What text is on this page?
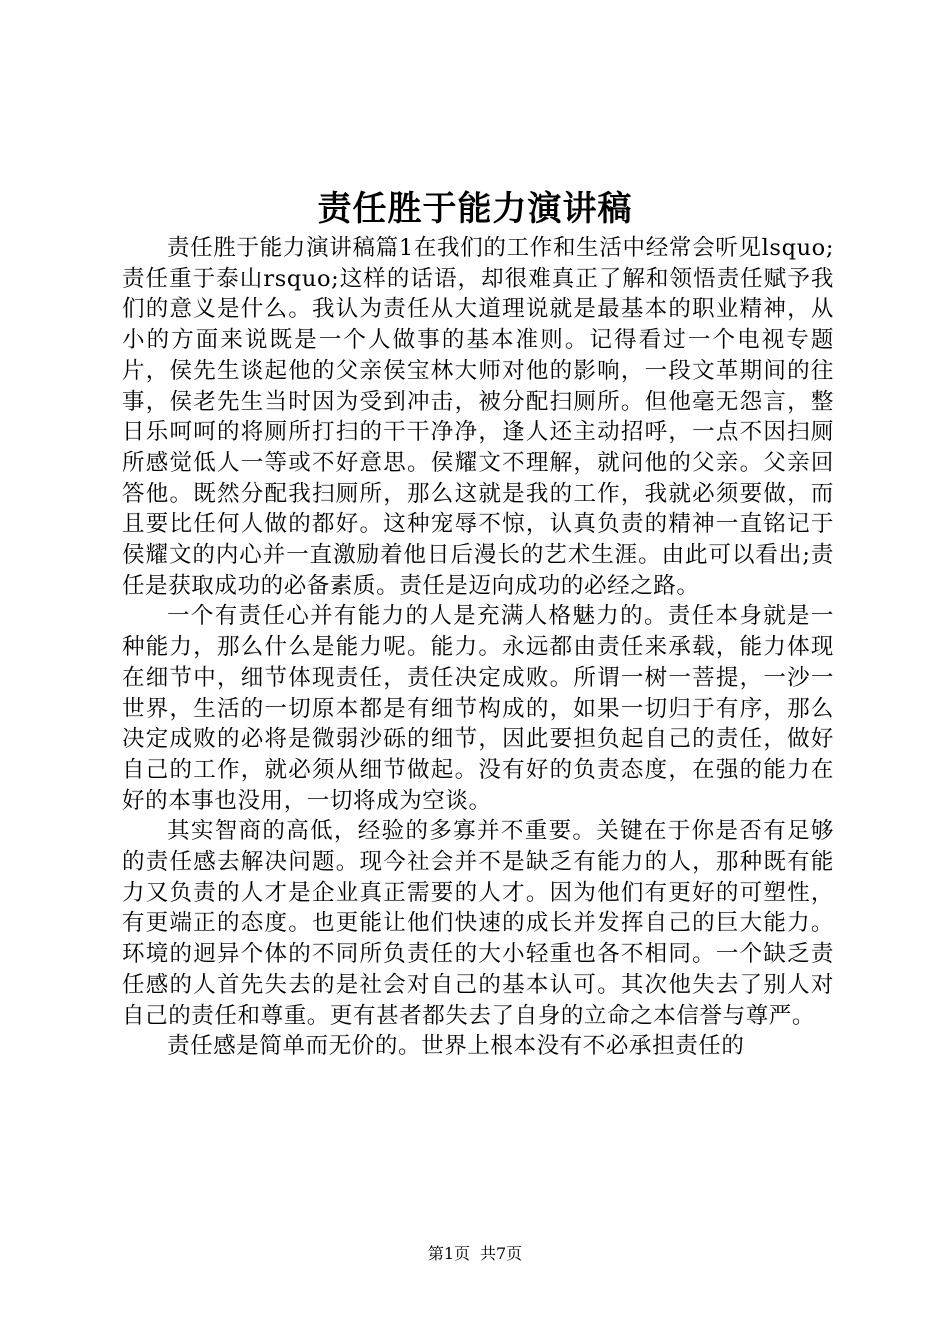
责任胜于能力演讲稿

责任胜于能力演讲稿篇1在我们的工作和生活中经常会听见lsquo;责任重于泰山rsquo;这样的话语，却很难真正了解和领悟责任赋予我们的意义是什么。我认为责任从大道理说就是最基本的职业精神，从小的方面来说既是一个人做事的基本准则。记得看过一个电视专题片，侯先生谈起他的父亲侯宝林大师对他的影响，一段文革期间的往事，侯老先生当时因为受到冲击，被分配扫厕所。但他毫无怨言，整日乐呵呵的将厕所打扫的干干净净，逢人还主动招呼，一点不因扫厕所感觉低人一等或不好意思。侯耀文不理解，就问他的父亲。父亲回答他。既然分配我扫厕所，那么这就是我的工作，我就必须要做，而且要比任何人做的都好。这种宠辱不惊，认真负责的精神一直铭记于侯耀文的内心并一直激励着他日后漫长的艺术生涯。由此可以看出;责任是获取成功的必备素质。责任是迈向成功的必经之路。

一个有责任心并有能力的人是充满人格魅力的。责任本身就是一种能力，那么什么是能力呢。能力。永远都由责任来承载，能力体现在细节中，细节体现责任，责任决定成败。所谓一树一菩提，一沙一世界，生活的一切原本都是有细节构成的，如果一切归于有序，那么决定成败的必将是微弱沙砾的细节，因此要担负起自己的责任，做好自己的工作，就必须从细节做起。没有好的负责态度，在强的能力在好的本事也没用，一切将成为空谈。

其实智商的高低，经验的多寡并不重要。关键在于你是否有足够的责任感去解决问题。现今社会并不是缺乏有能力的人，那种既有能力又负责的人才是企业真正需要的人才。因为他们有更好的可塑性，有更端正的态度。也更能让他们快速的成长并发挥自己的巨大能力。环境的迥异个体的不同所负责任的大小轻重也各不相同。一个缺乏责任感的人首先失去的是社会对自己的基本认可。其次他失去了别人对自己的责任和尊重。更有甚者都失去了自身的立命之本信誉与尊严。

责任感是简单而无价的。世界上根本没有不必承担责任的

第1页 共7页
